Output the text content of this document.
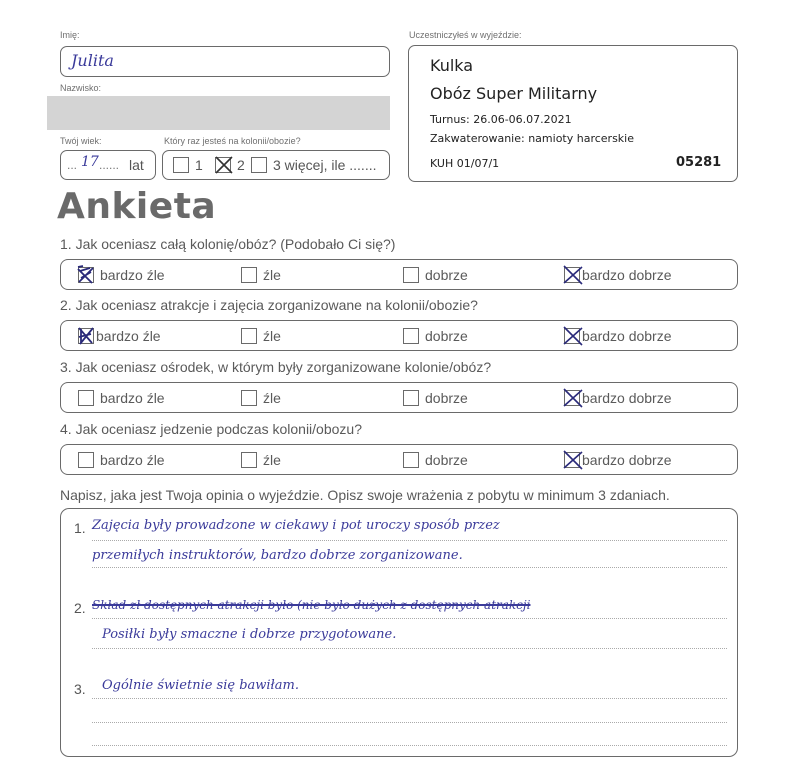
Imię:
Julita
Nazwisko:
Twój wiek:
... 17 ...... lat
Który raz jesteś na kolonii/obozie?
1 2 3 więcej, ile .......
Uczestniczyłeś w wyjeździe:
Kulka
Obóz Super Militarny
Turnus: 26.06-06.07.2021
Zakwaterowanie: namioty harcerskie
KUH 01/07/1	05281
Ankieta
1. Jak oceniasz całą kolonię/obóz? (Podobało Ci się?)
bardzo źle	źle	dobrze	bardzo dobrze
2. Jak oceniasz atrakcje i zajęcia zorganizowane na kolonii/obozie?
bardzo źle	źle	dobrze	bardzo dobrze
3. Jak oceniasz ośrodek, w którym były zorganizowane kolonie/obóz?
bardzo źle	źle	dobrze	bardzo dobrze
4. Jak oceniasz jedzenie podczas kolonii/obozu?
bardzo źle	źle	dobrze	bardzo dobrze
Napisz, jaka jest Twoja opinia o wyjeździe. Opisz swoje wrażenia z pobytu w minimum 3 zdaniach.
1. Zajęcia były prowadzone w ciekawy i pot uroczy sposób przez
przemiłych instruktorów, bardzo dobrze zorganizowane.
2. Skład zł dostępnych atrakcji było (nie było dużych z dostępnych atrakcji
Posiłki były smaczne i dobrze przygotowane.
3. Ogólnie świetnie się bawiłam.
